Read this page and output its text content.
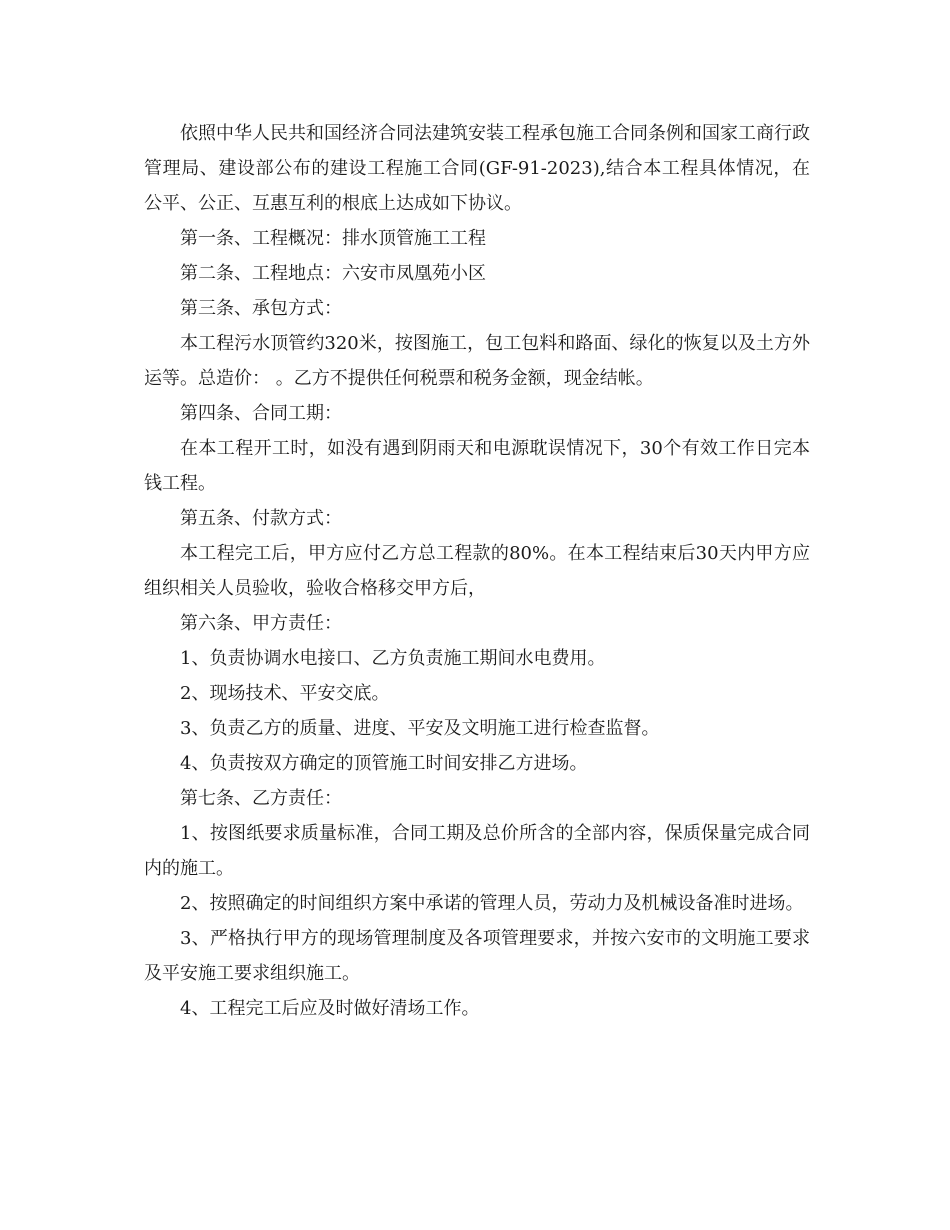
依照中华人民共和国经济合同法建筑安装工程承包施工合同条例和国家工商行政管理局、建设部公布的建设工程施工合同(GF-91-2023),结合本工程具体情况，在公平、公正、互惠互利的根底上达成如下协议。

第一条、工程概况：排水顶管施工工程

第二条、工程地点：六安市凤凰苑小区

第三条、承包方式：

本工程污水顶管约320米，按图施工，包工包料和路面、绿化的恢复以及土方外运等。总造价： 。乙方不提供任何税票和税务金额，现金结帐。

第四条、合同工期：

在本工程开工时，如没有遇到阴雨天和电源耽误情况下，30个有效工作日完本钱工程。

第五条、付款方式：

本工程完工后，甲方应付乙方总工程款的80%。在本工程结束后30天内甲方应组织相关人员验收，验收合格移交甲方后，

第六条、甲方责任：

1、负责协调水电接口、乙方负责施工期间水电费用。

2、现场技术、平安交底。

3、负责乙方的质量、进度、平安及文明施工进行检查监督。

4、负责按双方确定的顶管施工时间安排乙方进场。

第七条、乙方责任：

1、按图纸要求质量标准，合同工期及总价所含的全部内容，保质保量完成合同内的施工。

2、按照确定的时间组织方案中承诺的管理人员，劳动力及机械设备准时进场。

3、严格执行甲方的现场管理制度及各项管理要求，并按六安市的文明施工要求及平安施工要求组织施工。

4、工程完工后应及时做好清场工作。
